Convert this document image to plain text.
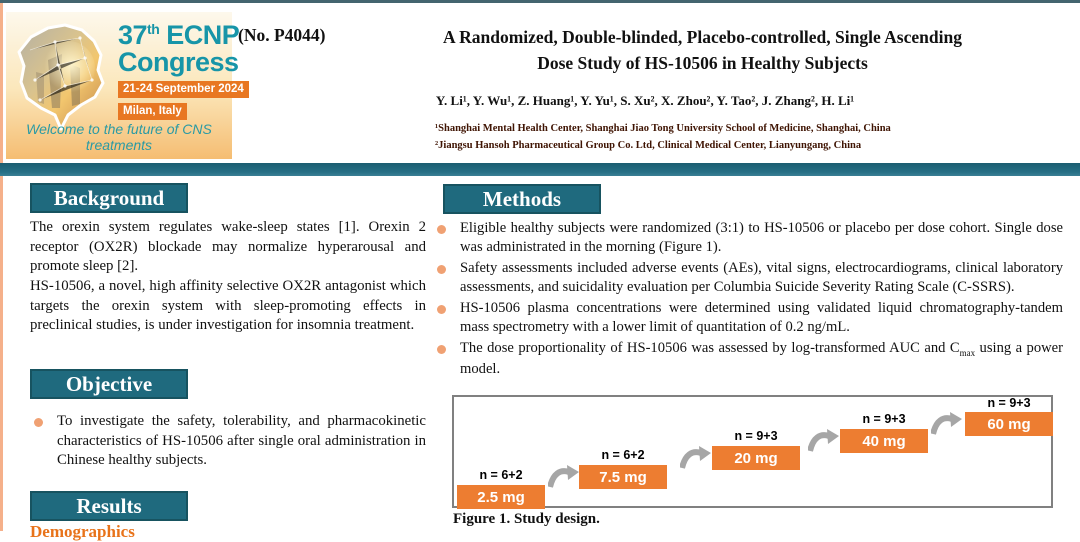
37th ECNP
Congress
21-24 September 2024
Milan, Italy
Welcome to the future of CNS treatments
(No. P4044)	A Randomized, Double-blinded, Placebo-controlled, Single Ascending
Dose Study of HS-10506 in Healthy Subjects
Y. Li¹, Y. Wu¹, Z. Huang¹, Y. Yu¹, S. Xu², X. Zhou², Y. Tao², J. Zhang², H. Li¹
¹Shanghai Mental Health Center, Shanghai Jiao Tong University School of Medicine, Shanghai, China
²Jiangsu Hansoh Pharmaceutical Group Co. Ltd, Clinical Medical Center, Lianyungang, China
Background
The orexin system regulates wake-sleep states [1]. Orexin 2 receptor (OX2R) blockade may normalize hyperarousal and promote sleep [2].
HS-10506, a novel, high affinity selective OX2R antagonist which targets the orexin system with sleep-promoting effects in preclinical studies, is under investigation for insomnia treatment.
Objective
To investigate the safety, tolerability, and pharmacokinetic characteristics of HS-10506 after single oral administration in Chinese healthy subjects.
Results
Demographics
Methods
Eligible healthy subjects were randomized (3:1) to HS-10506 or placebo per dose cohort. Single dose was administrated in the morning (Figure 1).
Safety assessments included adverse events (AEs), vital signs, electrocardiograms, clinical laboratory assessments, and suicidality evaluation per Columbia Suicide Severity Rating Scale (C-SSRS).
HS-10506 plasma concentrations were determined using validated liquid chromatography-tandem mass spectrometry with a lower limit of quantitation of 0.2 ng/mL.
The dose proportionality of HS-10506 was assessed by log-transformed AUC and $C_{max}$ using a power model.
n = 6+2
2.5 mg
n = 6+2
7.5 mg
n = 9+3
20 mg
n = 9+3
40 mg
n = 9+3
60 mg
Figure 1. Study design.
